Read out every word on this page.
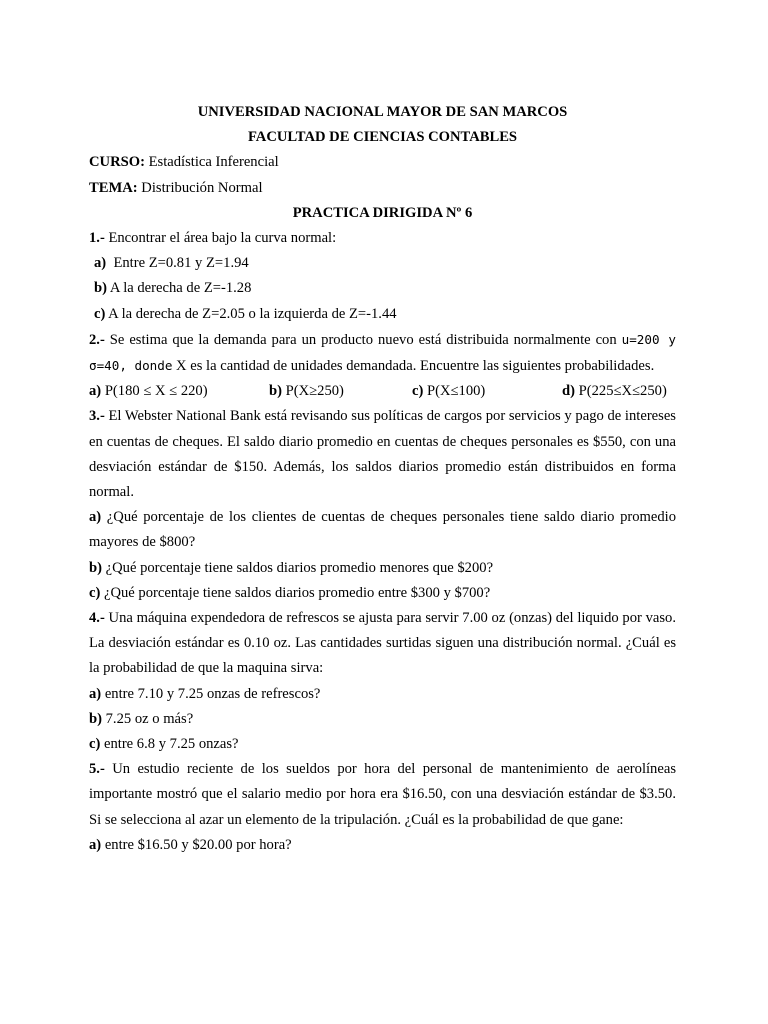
UNIVERSIDAD NACIONAL MAYOR DE SAN MARCOS
FACULTAD DE CIENCIAS CONTABLES
CURSO: Estadística Inferencial
TEMA: Distribución Normal
PRACTICA DIRIGIDA Nº 6
1.- Encontrar el área bajo la curva normal:
a)  Entre Z=0.81 y Z=1.94
b) A la derecha de Z=-1.28
c) A la derecha de Z=2.05 o la izquierda de Z=-1.44
2.- Se estima que la demanda para un producto nuevo está distribuida normalmente con u=200 y σ=40, donde X es la cantidad de unidades demandada. Encuentre las siguientes probabilidades.
a) P(180 ≤ X ≤ 220)	b) P(X≥250)	c) P(X≤100)	d) P(225≤X≤250)
3.- El Webster National Bank está revisando sus políticas de cargos por servicios y pago de intereses en cuentas de cheques. El saldo diario promedio en cuentas de cheques personales es $550, con una desviación estándar de $150. Además, los saldos diarios promedio están distribuidos en forma normal.
a) ¿Qué porcentaje de los clientes de cuentas de cheques personales tiene saldo diario promedio mayores de $800?
b) ¿Qué porcentaje tiene saldos diarios promedio menores que $200?
c) ¿Qué porcentaje tiene saldos diarios promedio entre $300 y $700?
4.- Una máquina expendedora de refrescos se ajusta para servir 7.00 oz (onzas) del liquido por vaso. La desviación estándar es 0.10 oz. Las cantidades surtidas siguen una distribución normal. ¿Cuál es la probabilidad de que la maquina sirva:
a) entre 7.10 y 7.25 onzas de refrescos?
b) 7.25 oz o más?
c) entre 6.8 y 7.25 onzas?
5.- Un estudio reciente de los sueldos por hora del personal de mantenimiento de aerolíneas importante mostró que el salario medio por hora era $16.50, con una desviación estándar de $3.50. Si se selecciona al azar un elemento de la tripulación. ¿Cuál es la probabilidad de que gane:
a) entre $16.50 y $20.00 por hora?
